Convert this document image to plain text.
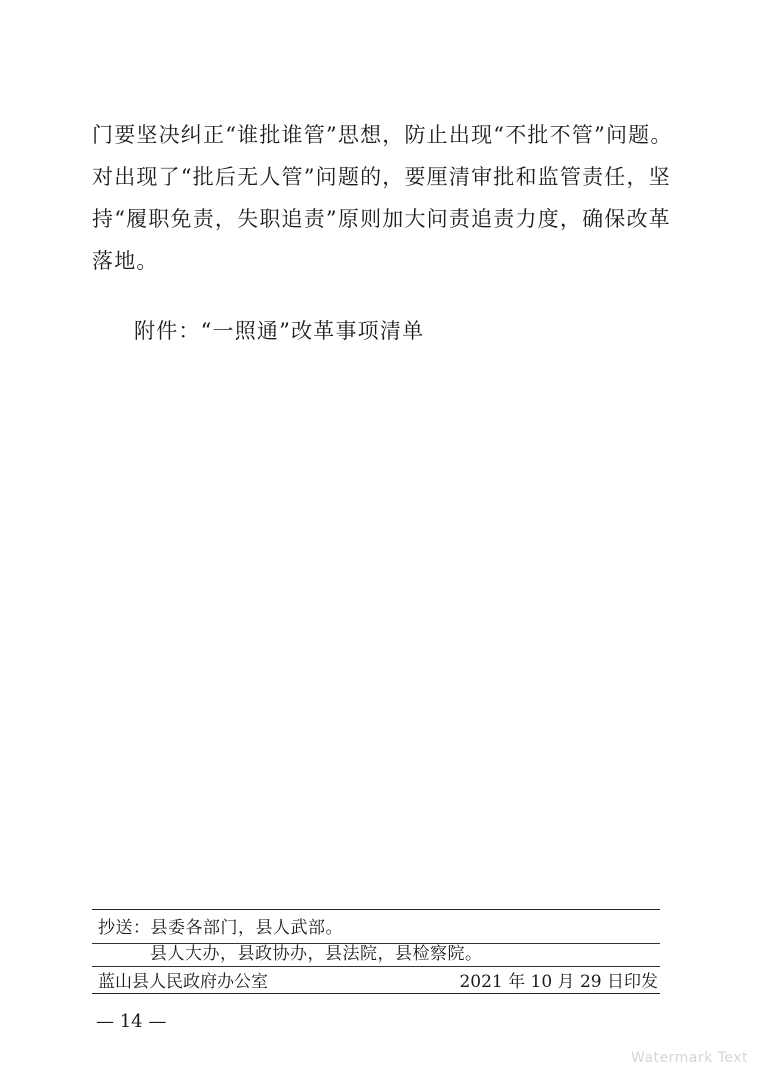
门要坚决纠正“谁批谁管”思想，防止出现“不批不管”问题。
对出现了“批后无人管”问题的，要厘清审批和监管责任，坚
持“履职免责，失职追责”原则加大问责追责力度，确保改革
落地。
附件：“一照通”改革事项清单
抄送：县委各部门，县人武部。
县人大办，县政协办，县法院，县检察院。
蓝山县人民政府办公室	2021 年 10 月 29 日印发
— 14 —
Watermark Text
